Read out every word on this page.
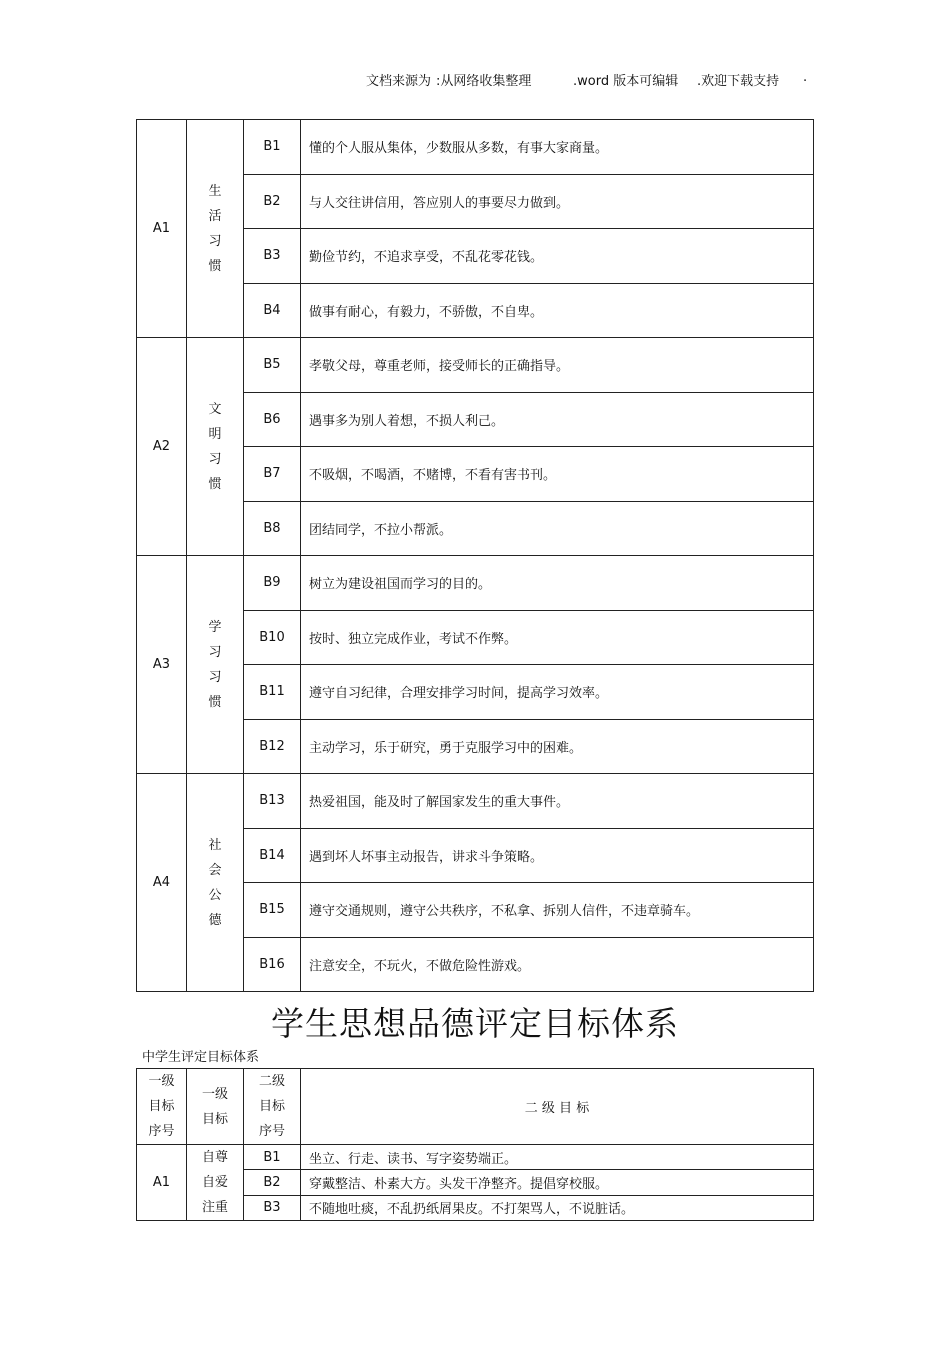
文档来源为 :从网络收集整理	.word 版本可编辑 .欢迎下载支持 .
A1	生
活
习
惯	B1	懂的个人服从集体，少数服从多数，有事大家商量。
		B2	与人交往讲信用，答应别人的事要尽力做到。
		B3	勤俭节约，不追求享受，不乱花零花钱。
		B4	做事有耐心，有毅力，不骄傲，不自卑。
A2	文
明
习
惯	B5	孝敬父母，尊重老师，接受师长的正确指导。
		B6	遇事多为别人着想，不损人利己。
		B7	不吸烟，不喝酒，不赌博，不看有害书刊。
		B8	团结同学，不拉小帮派。
A3	学
习
习
惯	B9	树立为建设祖国而学习的目的。
		B10	按时、独立完成作业，考试不作弊。
		B11	遵守自习纪律，合理安排学习时间，提高学习效率。
		B12	主动学习，乐于研究，勇于克服学习中的困难。
A4	社
会
公
德	B13	热爱祖国，能及时了解国家发生的重大事件。
		B14	遇到坏人坏事主动报告，讲求斗争策略。
		B15	遵守交通规则，遵守公共秩序，不私拿、拆别人信件，不违章骑车。
		B16	注意安全，不玩火，不做危险性游戏。
学生思想品德评定目标体系
中学生评定目标体系
一级
目标
序号	一级
目标	二级
目标
序号	二 级 目 标
A1	自尊
自爱
注重	B1	坐立、行走、读书、写字姿势端正。
		B2	穿戴整洁、朴素大方。头发干净整齐。提倡穿校服。
		B3	不随地吐痰，不乱扔纸屑果皮。不打架骂人，不说脏话。
